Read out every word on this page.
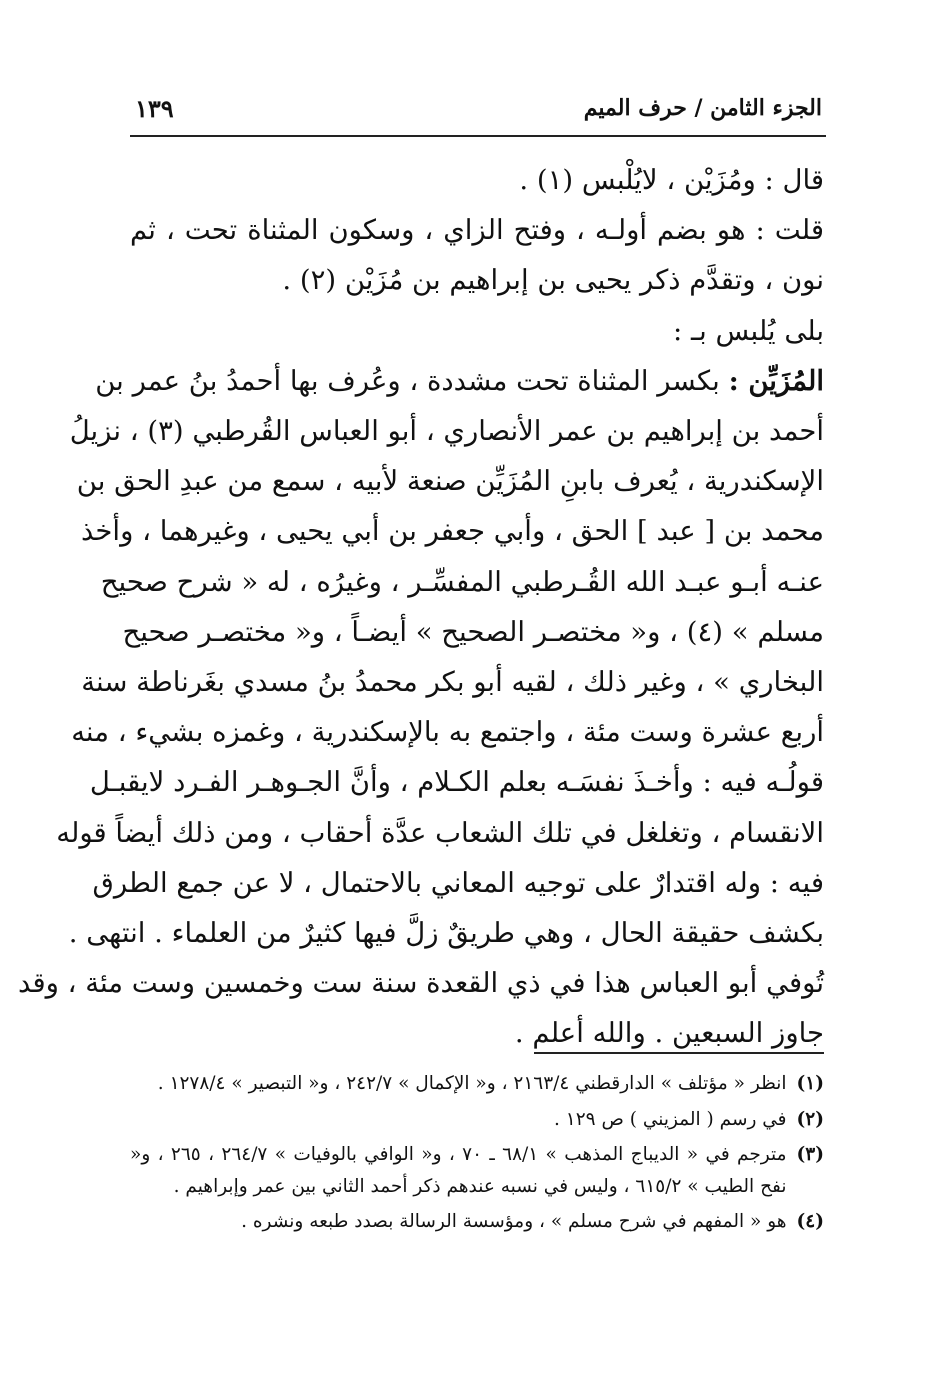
الجزء الثامن / حرف الميم
١٣٩

قال : ومُزَيْن ، لايُلْبس (١) .

قلت : هو بضم أولـه ، وفتح الزاي ، وسكون المثناة تحت ، ثم

نون ، وتقدَّم ذكر يحيى بن إبراهيم بن مُزَيْن (٢) .

بلى يُلبس بـ :

المُزَيِّن : بكسر المثناة تحت مشددة ، وعُرف بها أحمدُ بنُ عمر بن

أحمد بن إبراهيم بن عمر الأنصاري ، أبو العباس القُرطبي (٣) ، نزيلُ

الإسكندرية ، يُعرف بابنِ المُزَيِّن صنعة لأبيه ، سمع من عبدِ الحق بن

محمد بن [ عبد ] الحق ، وأبي جعفر بن أبي يحيى ، وغيرهما ، وأخذ

عنـه أبـو عبـد الله القُـرطبي المفسِّـر ، وغيرُه ، له « شرح صحيح

مسلم » (٤) ، و« مختصـر الصحيح » أيضـاً ، و« مختصـر صحيح

البخاري » ، وغير ذلك ، لقيه أبو بكر محمدُ بنُ مسدي بغَرناطة سنة

أربع عشرة وست مئة ، واجتمع به بالإسكندرية ، وغمزه بشيء ، منه

قولُـه فيه : وأخـذَ نفسَـه بعلم الكـلام ، وأنَّ الجـوهـر الفـرد لايقبـل

الانقسام ، وتغلغل في تلك الشعاب عدَّة أحقاب ، ومن ذلك أيضاً قوله

فيه : وله اقتدارٌ على توجيه المعاني بالاحتمال ، لا عن جمع الطرق

بكشف حقيقة الحال ، وهي طريقٌ زلَّ فيها كثيرٌ من العلماء . انتهى .

تُوفي أبو العباس هذا في ذي القعدة سنة ست وخمسين وست مئة ، وقد

جاوز السبعين . والله أعلم .

(١)
انظر « مؤتلف » الدارقطني ٢١٦٣/٤ ، و« الإكمال » ٢٤٢/٧ ، و« التبصير » ١٢٧٨/٤ .
(٢)
في رسم ( المزيني ) ص ١٢٩ .
(٣)
مترجم في « الديباج المذهب » ٦٨/١ ـ ٧٠ ، و« الوافي بالوفيات » ٢٦٤/٧ ، ٢٦٥ ، و« نفح الطيب » ٦١٥/٢ ، وليس في نسبه عندهم ذكر أحمد الثاني بين عمر وإبراهيم .
(٤)
هو « المفهم في شرح مسلم » ، ومؤسسة الرسالة بصدد طبعه ونشره .
